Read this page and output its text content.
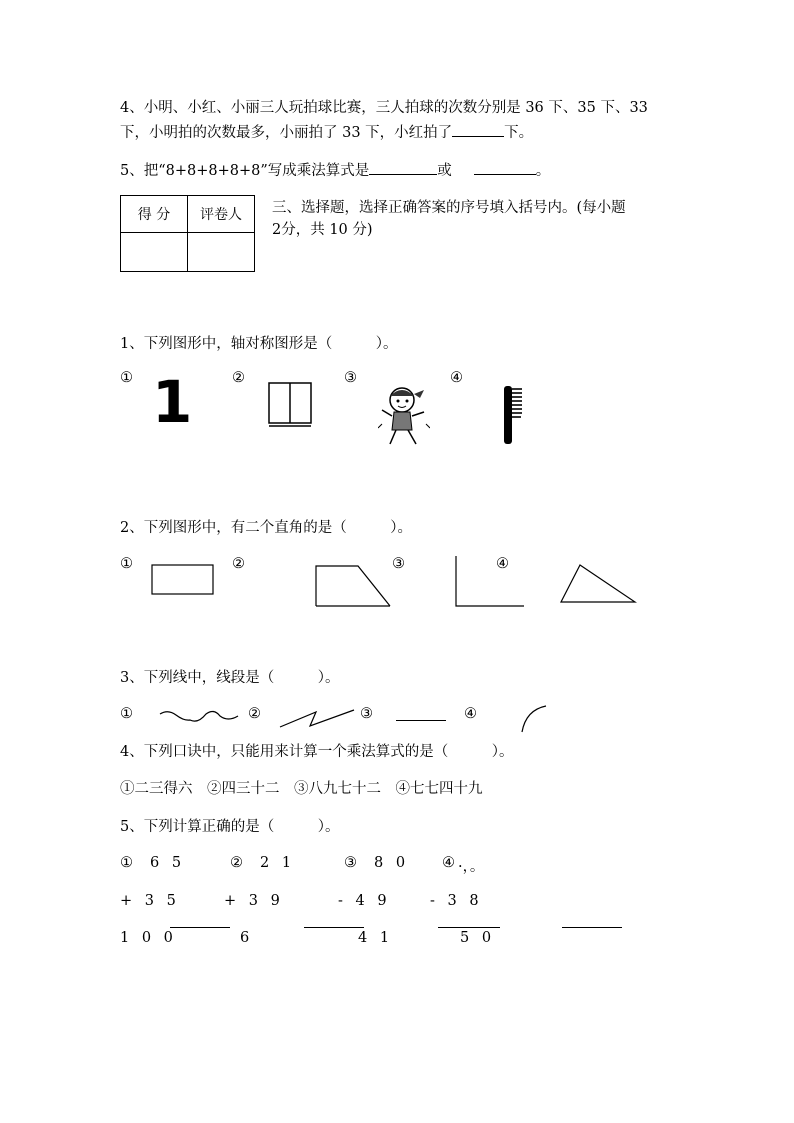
4、小明、小红、小丽三人玩拍球比赛，三人拍球的次数分别是 36 下、35 下、33
下，小明拍的次数最多，小丽拍了 33 下，小红拍了	下。
5、把“8+8+8+8+8”写成乘法算式是	或	。
得 分	评卷人
	三、选择题，选择正确答案的序号填入括号内。(每小题
2分，共 10 分)
1、下列图形中，轴对称图形是（　　　）。
① 1	②	③	④
2、下列图形中，有二个直角的是（　　　）。
①	②	③	④
3、下列线中，线段是（　　　）。
①	②	③	④
4、下列口诀中，只能用来计算一个乘法算式的是（　　　）。
①二三得六　②四三十二　③八九七十二　④七七四十九
5、下列计算正确的是（　　　）。
① 6 5	② 2 1	③ 8 0 ④ ·，。
+ 3 5	+ 3 9	- 4 9	- 3 8
1 0 0	6	4 1	5 0
